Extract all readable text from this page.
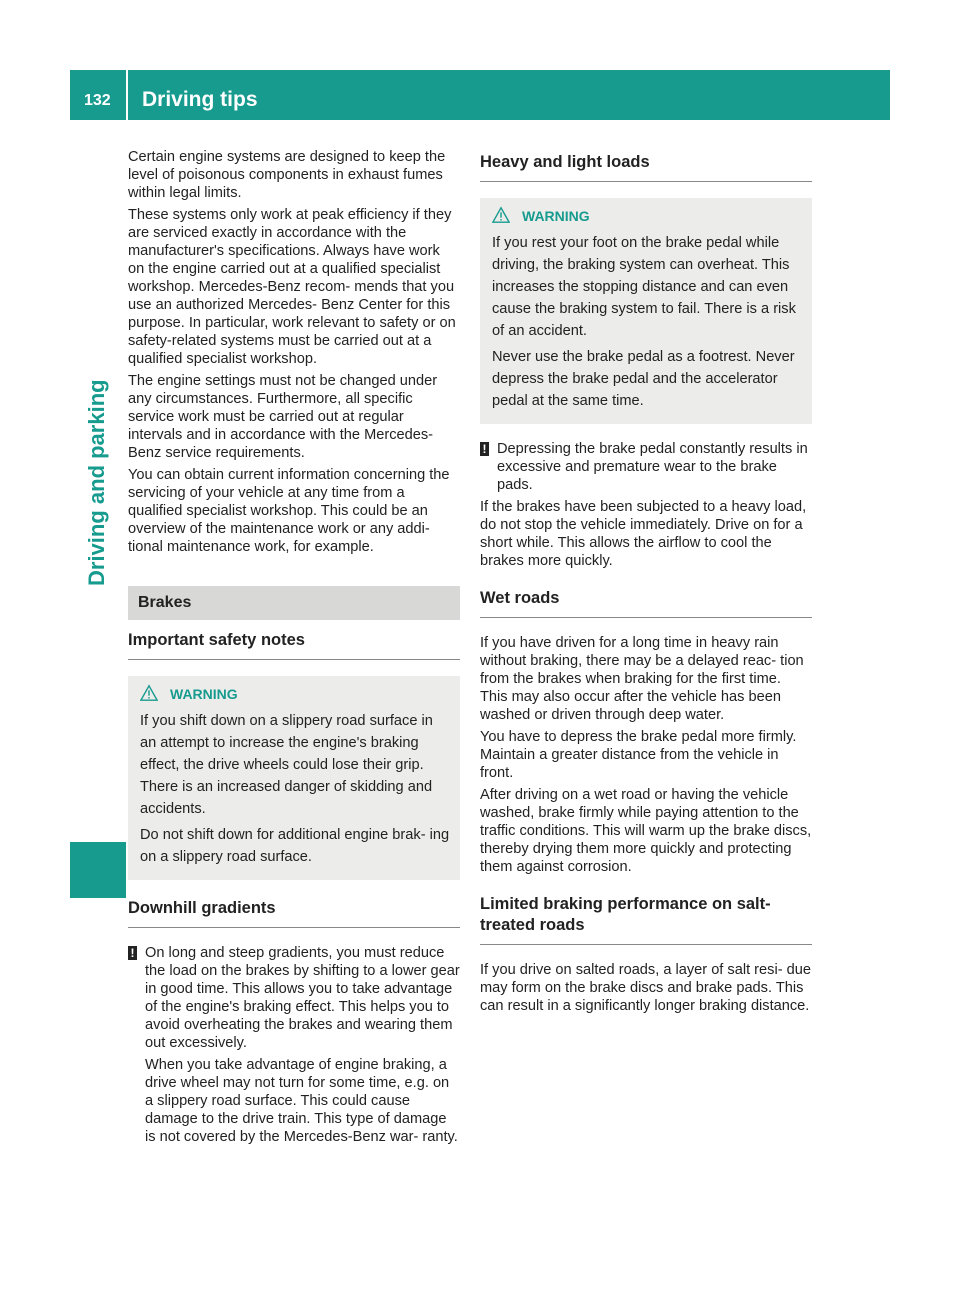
132 Driving tips
Driving and parking

Certain engine systems are designed to keep the level of poisonous components in exhaust fumes within legal limits.

These systems only work at peak efficiency if they are serviced exactly in accordance with the manufacturer's specifications. Always have work on the engine carried out at a qualified specialist workshop. Mercedes-Benz recom- mends that you use an authorized Mercedes- Benz Center for this purpose. In particular, work relevant to safety or on safety-related systems must be carried out at a qualified specialist workshop.

The engine settings must not be changed under any circumstances. Furthermore, all specific service work must be carried out at regular intervals and in accordance with the Mercedes- Benz service requirements.

You can obtain current information concerning the servicing of your vehicle at any time from a qualified specialist workshop. This could be an overview of the maintenance work or any addi- tional maintenance work, for example.

Brakes
Important safety notes
WARNING

If you shift down on a slippery road surface in an attempt to increase the engine's braking effect, the drive wheels could lose their grip. There is an increased danger of skidding and accidents.

Do not shift down for additional engine brak- ing on a slippery road surface.

Downhill gradients
! On long and steep gradients, you must reduce the load on the brakes by shifting to a lower gear in good time. This allows you to take advantage of the engine's braking effect. This helps you to avoid overheating the brakes and wearing them out excessively.

When you take advantage of engine braking, a drive wheel may not turn for some time, e.g. on a slippery road surface. This could cause damage to the drive train. This type of damage is not covered by the Mercedes-Benz war- ranty.

Heavy and light loads
WARNING

If you rest your foot on the brake pedal while driving, the braking system can overheat. This increases the stopping distance and can even cause the braking system to fail. There is a risk of an accident.

Never use the brake pedal as a footrest. Never depress the brake pedal and the accelerator pedal at the same time.

! Depressing the brake pedal constantly results in excessive and premature wear to the brake pads.

If the brakes have been subjected to a heavy load, do not stop the vehicle immediately. Drive on for a short while. This allows the airflow to cool the brakes more quickly.

Wet roads

If you have driven for a long time in heavy rain without braking, there may be a delayed reac- tion from the brakes when braking for the first time. This may also occur after the vehicle has been washed or driven through deep water.

You have to depress the brake pedal more firmly. Maintain a greater distance from the vehicle in front.

After driving on a wet road or having the vehicle washed, brake firmly while paying attention to the traffic conditions. This will warm up the brake discs, thereby drying them more quickly and protecting them against corrosion.

Limited braking performance on salt- treated roads

If you drive on salted roads, a layer of salt resi- due may form on the brake discs and brake pads. This can result in a significantly longer braking distance.
